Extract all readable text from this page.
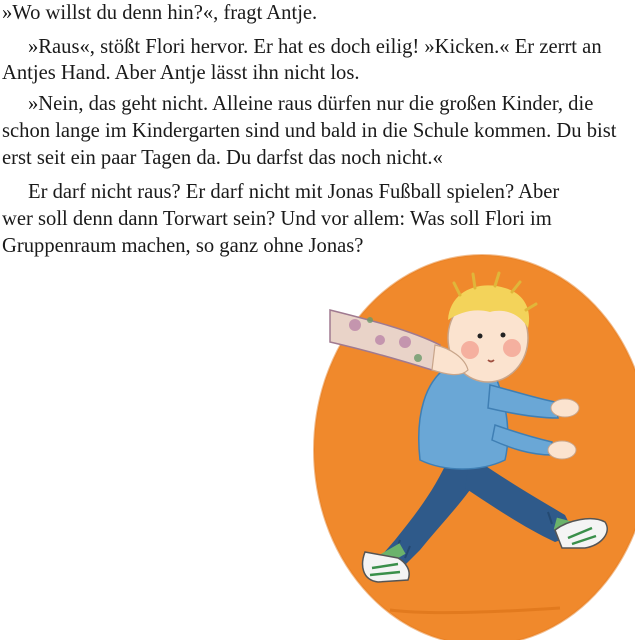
»Wo willst du denn hin?«, fragt Antje.
»Raus«, stößt Flori hervor. Er hat es doch eilig! »Kicken.« Er zerrt an
Antjes Hand. Aber Antje lässt ihn nicht los.
»Nein, das geht nicht. Alleine raus dürfen nur die großen Kinder, die
schon lange im Kindergarten sind und bald in die Schule kommen. Du bist
erst seit ein paar Tagen da. Du darfst das noch nicht.«
Er darf nicht raus? Er darf nicht mit Jonas Fußball spielen? Aber
wer soll denn dann Torwart sein? Und vor allem: Was soll Flori im
Gruppenraum machen, so ganz ohne Jonas?
